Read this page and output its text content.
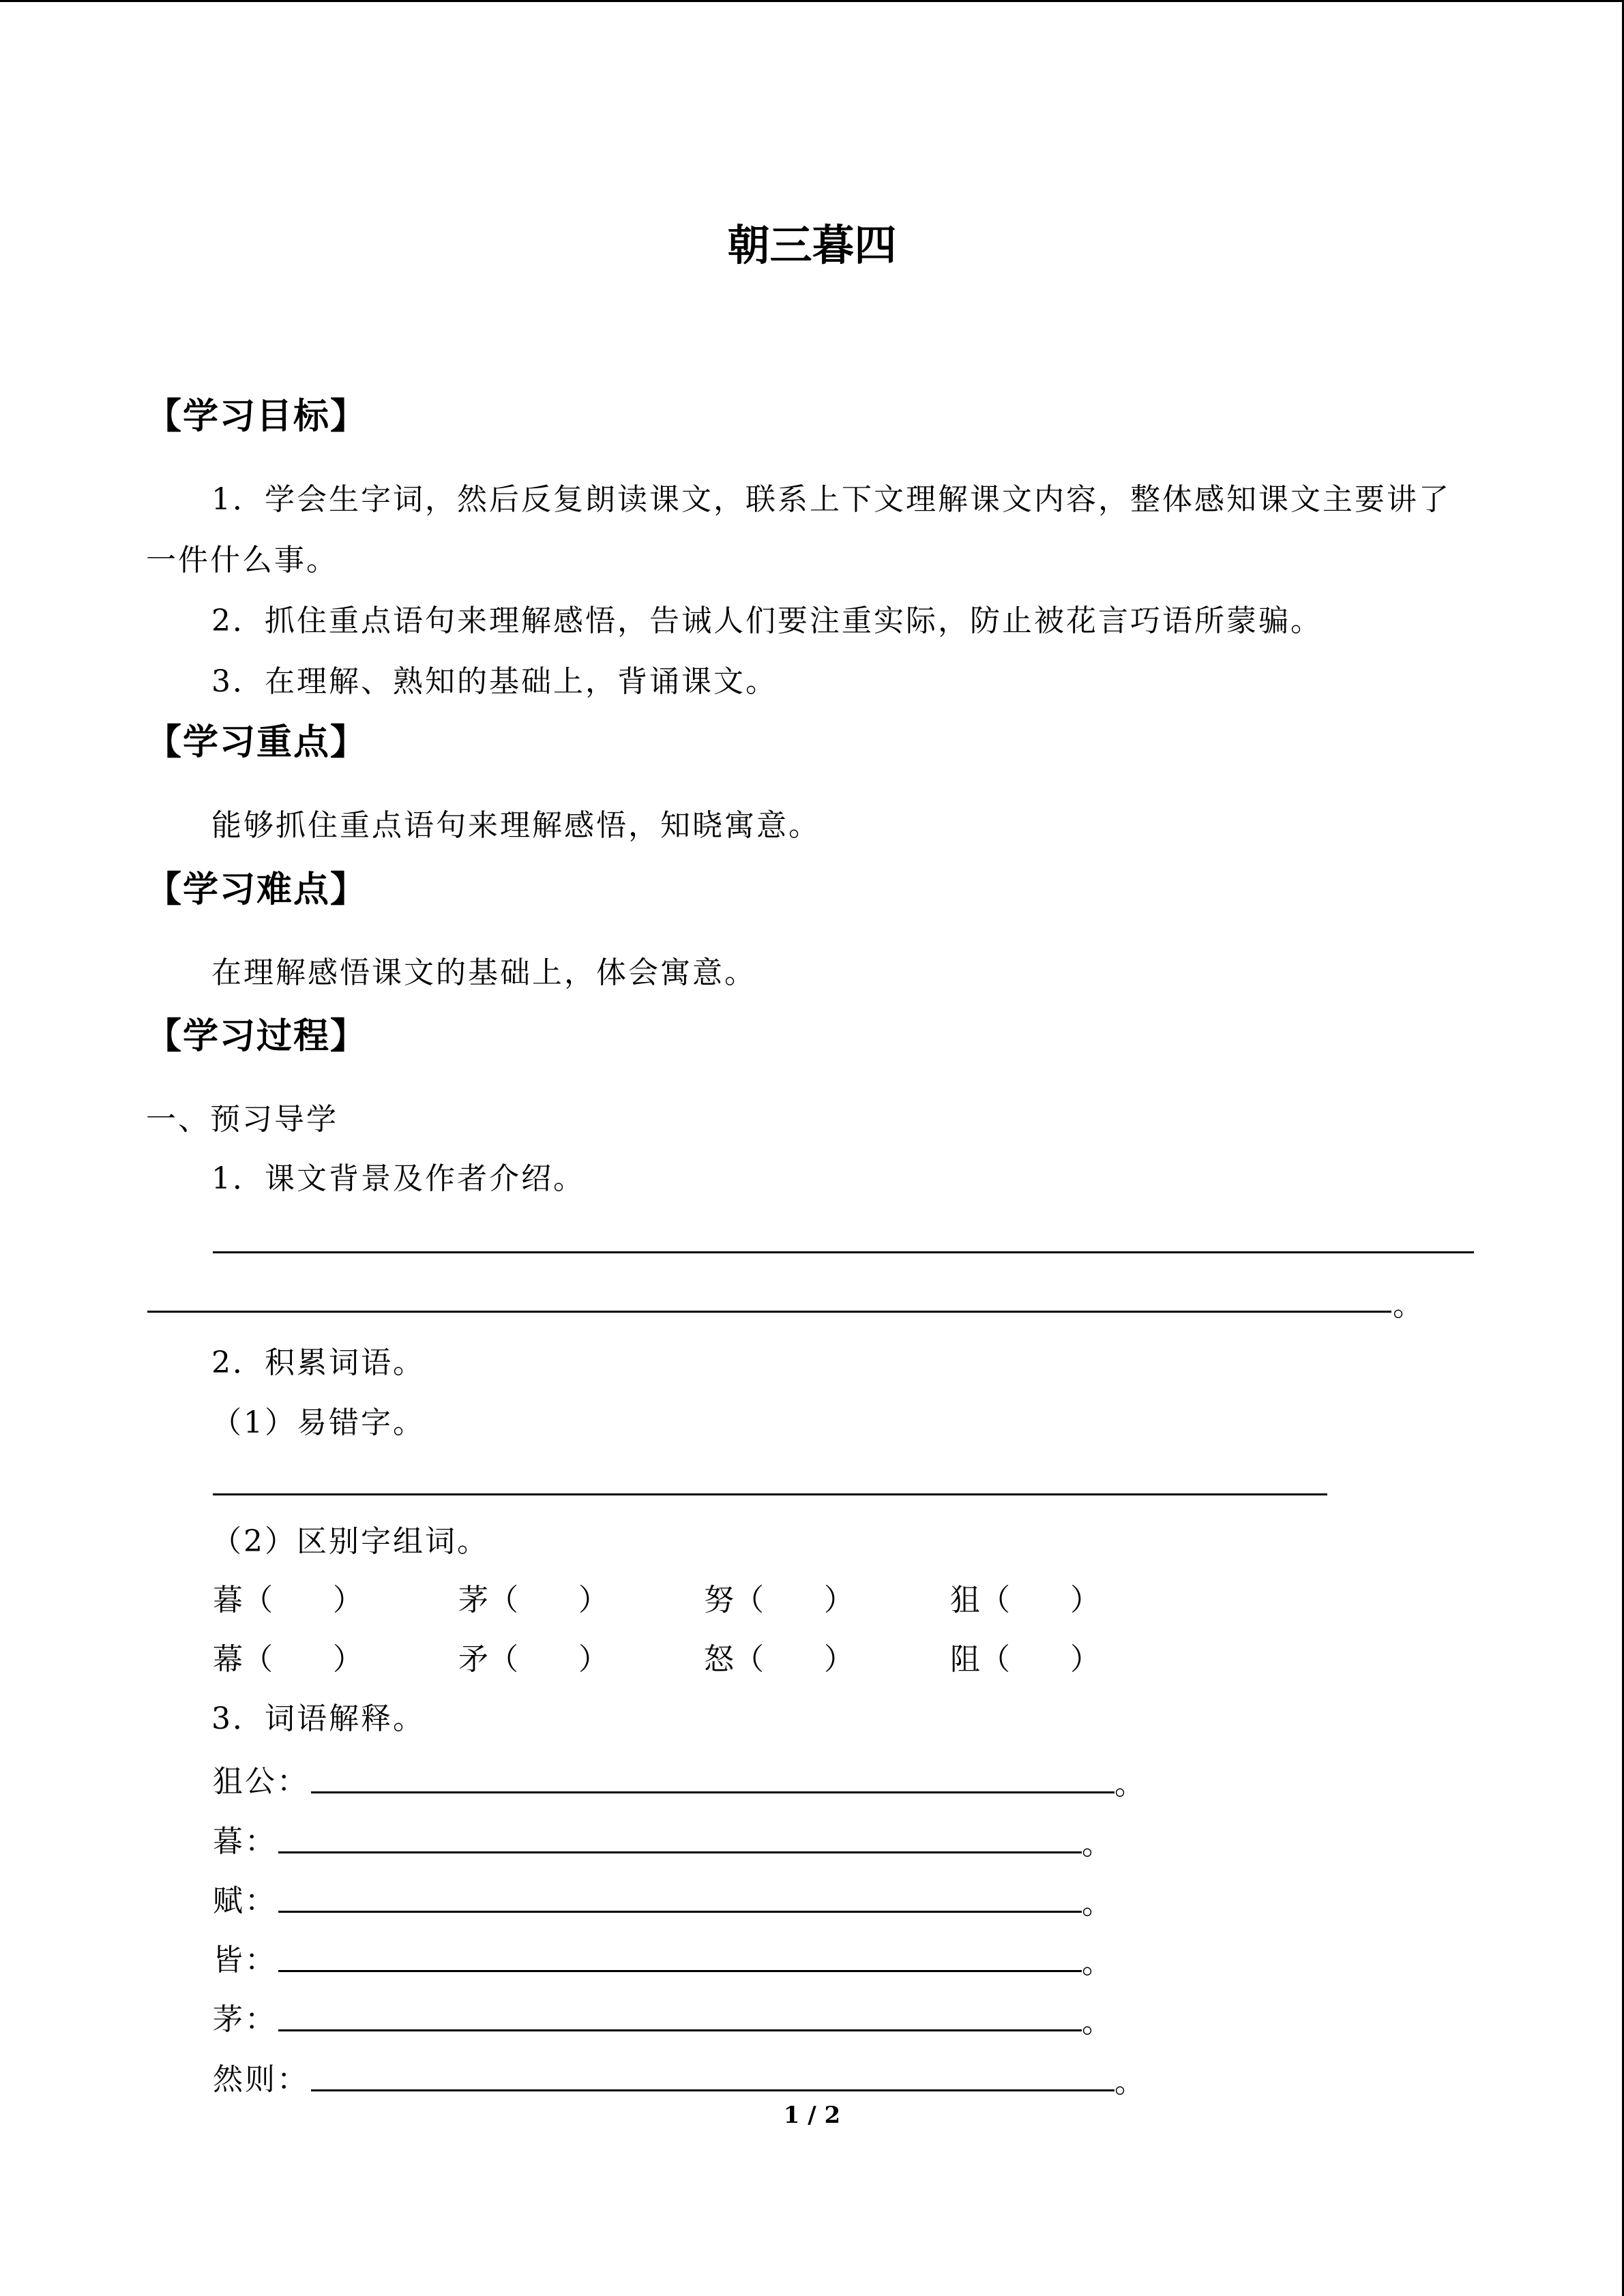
朝三暮四
【学习目标】
1．学会生字词，然后反复朗读课文，联系上下文理解课文内容，整体感知课文主要讲了
一件什么事。
2．抓住重点语句来理解感悟，告诫人们要注重实际，防止被花言巧语所蒙骗。
3．在理解、熟知的基础上，背诵课文。
【学习重点】
能够抓住重点语句来理解感悟，知晓寓意。
【学习难点】
在理解感悟课文的基础上，体会寓意。
【学习过程】
一、预习导学
1．课文背景及作者介绍。
。
2．积累词语。
（1）易错字。
（2）区别字组词。
暮（　　）	茅（　　）	努（　　）	狙（　　）
幕（　　）	矛（　　）	怒（　　）	阻（　　）
3．词语解释。
狙公：	。
暮：	。
赋：	。
皆：	。
茅：	。
然则：	。
1 / 2
